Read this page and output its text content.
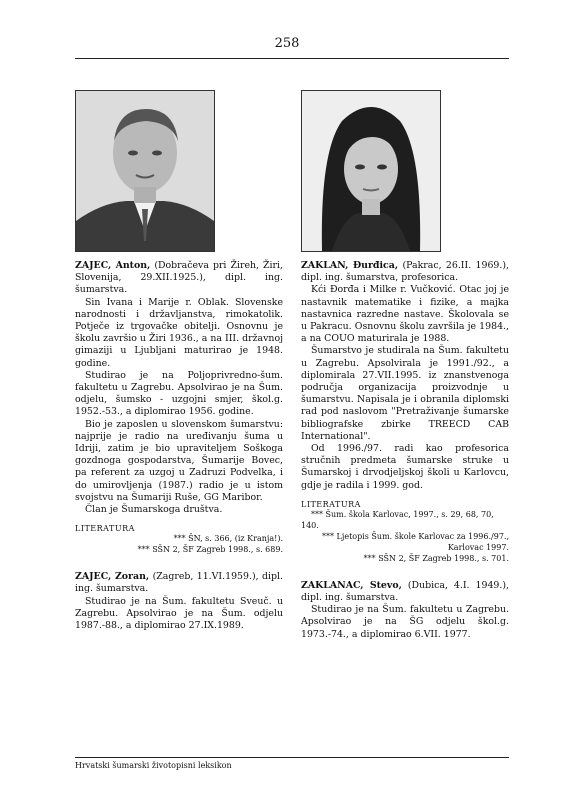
258

ZAJEC, Anton, (Dobračeva pri Žireh, Žiri, Slovenija, 29.XII.1925.), dipl. ing. šumarstva.

Sin Ivana i Marije r. Oblak. Slovenske narodnosti i državljanstva, rimokatolik. Potječe iz trgovačke obitelji. Osnovnu je školu završio u Žiri 1936., a na III. državnoj gimaziji u Ljubljani maturirao je 1948. godine.

Studirao je na Poljoprivredno-šum. fakultetu u Zagrebu. Apsolvirao je na Šum. odjelu, šumsko - uzgojni smjer, škol.g. 1952.-53., a diplomirao 1956. godine.

Bio je zaposlen u slovenskom šumarstvu: najprije je radio na uređivanju šuma u Idriji, zatim je bio upraviteljem Soškoga gozdnoga gospodarstva, Šumarije Bovec, pa referent za uzgoj u Zadruzi Podvelka, i do umirovljenja (1987.) radio je u istom svojstvu na Šumariji Ruše, GG Maribor.

Član je Šumarskoga društva.

LITERATURA

*** ŠN, s. 366, (iz Kranja!).

*** SŠN 2, ŠF Zagreb 1998., s. 689.

ZAJEC, Zoran, (Zagreb, 11.VI.1959.), dipl. ing. šumarstva.

Studirao je na Šum. fakultetu Sveuč. u Zagrebu. Apsolvirao je na Šum. odjelu 1987.-88., a diplomirao 27.IX.1989.

ZAKLAN, Đurđica, (Pakrac, 26.II. 1969.), dipl. ing. šumarstva, profesorica.

Kći Đorđa i Milke r. Vučković. Otac joj je nastavnik matematike i fizike, a majka nastavnica razredne nastave. Školovala se u Pakracu. Osnovnu školu završila je 1984., a na COUO maturirala je 1988.

Šumarstvo je studirala na Šum. fakultetu u Zagrebu. Apsolvirala je 1991./92., a diplomirala 27.VII.1995. iz znanstvenoga područja organizacija proizvodnje u šumarstvu. Napisala je i obranila diplomski rad pod naslovom "Pretraživanje šumarske bibliografske zbirke TREECD CAB International".

Od 1996./97. radi kao profesorica stručnih predmeta šumarske struke u Šumarskoj i drvodjeljskoj školi u Karlovcu, gdje je radila i 1999. god.

LITERATURA

*** Šum. škola Karlovac, 1997., s. 29, 68, 70, 140.

*** Ljetopis Šum. škole Karlovac za 1996./97., Karlovac 1997.

*** SŠN 2, ŠF Zagreb 1998., s. 701.

ZAKLANAC, Stevo, (Dubica, 4.I. 1949.), dipl. ing. šumarstva.

Studirao je na Šum. fakultetu u Zagrebu. Apsolvirao je na ŠG odjelu škol.g. 1973.-74., a diplomirao 6.VII. 1977.

Hrvatski šumarski životopisni leksikon
